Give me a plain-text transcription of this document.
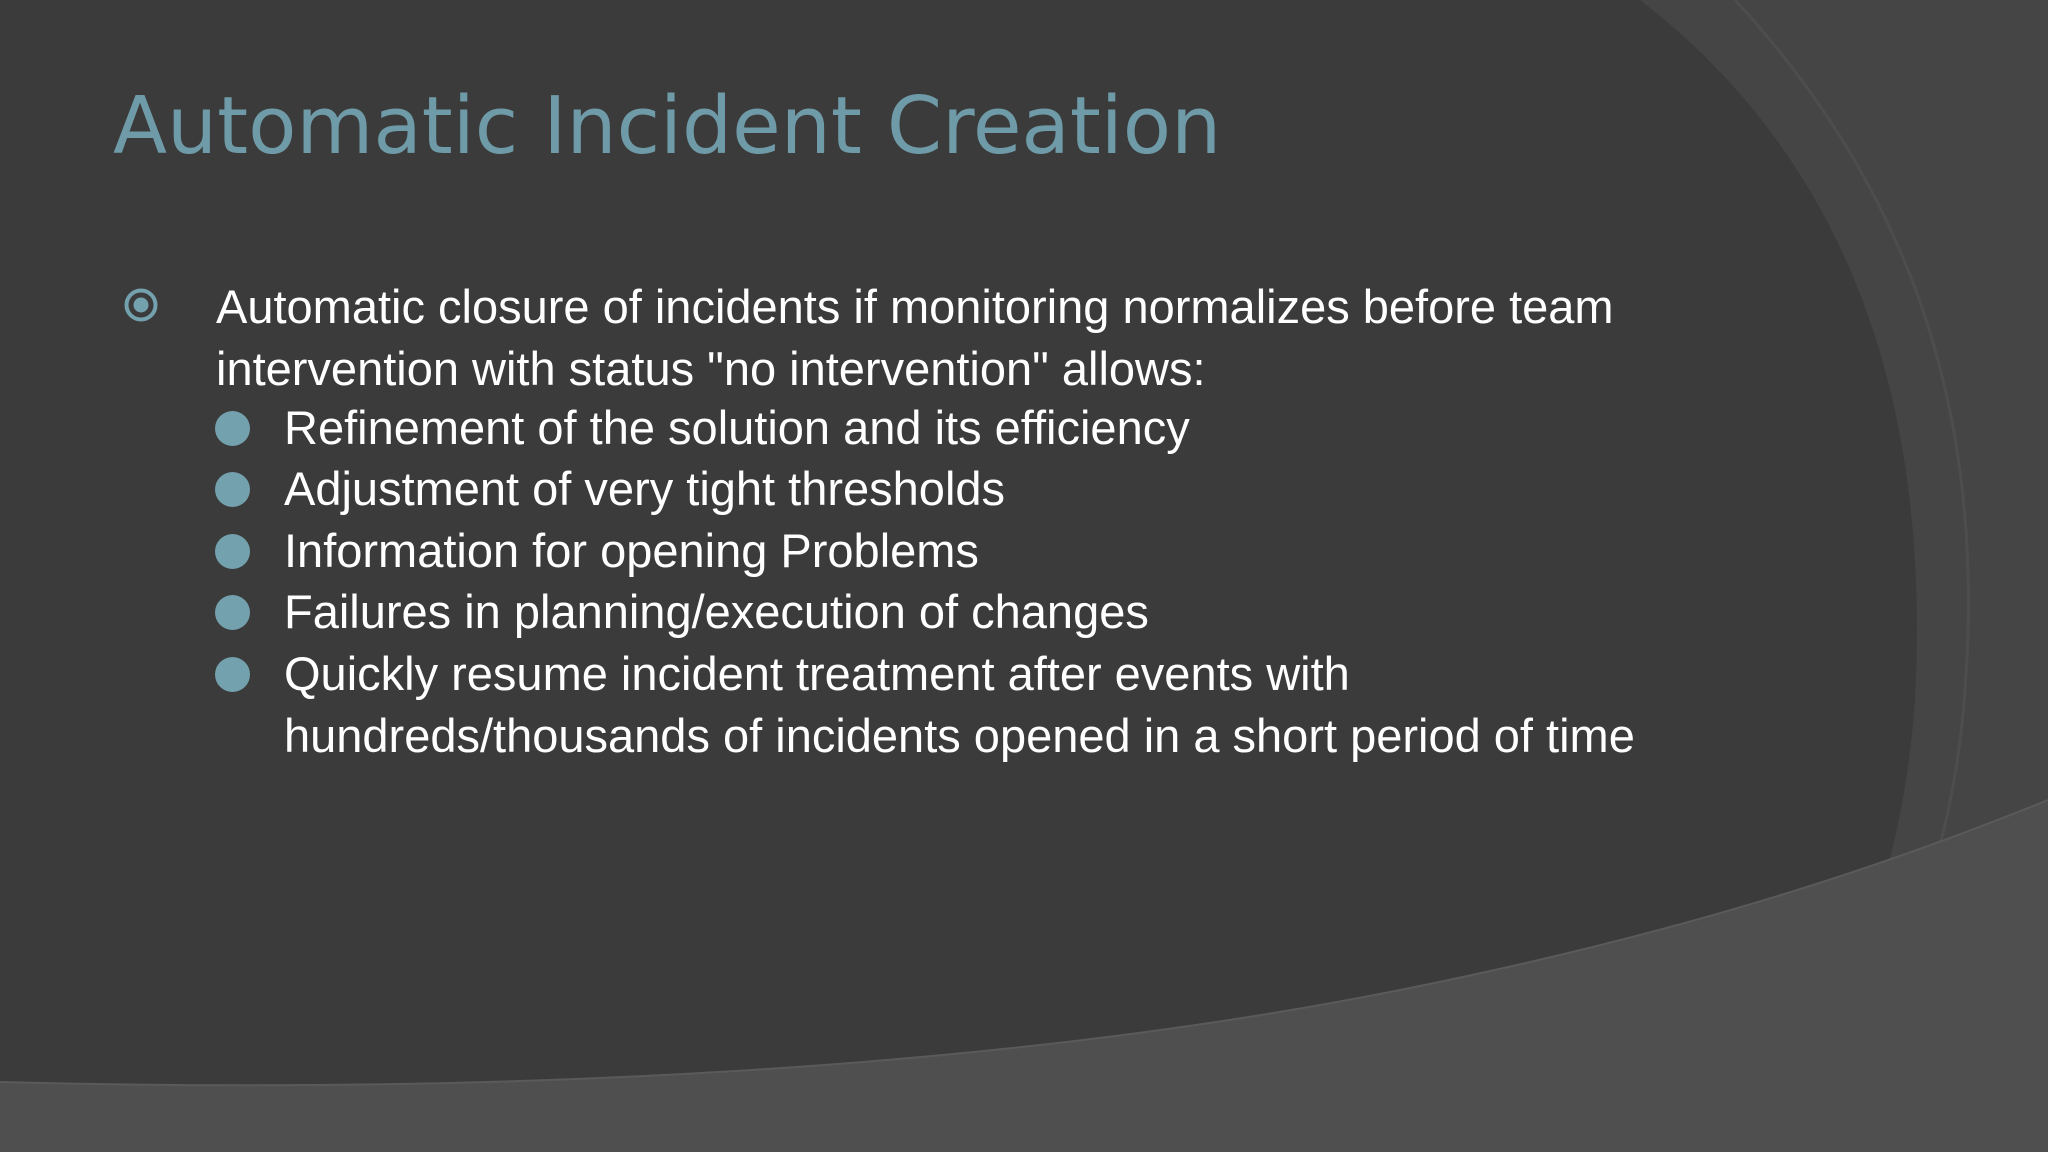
Automatic Incident Creation
Automatic closure of incidents if monitoring normalizes before team intervention with status "no intervention" allows:
Refinement of the solution and its efficiency
Adjustment of very tight thresholds
Information for opening Problems
Failures in planning/execution of changes
Quickly resume incident treatment after events with hundreds/thousands of incidents opened in a short period of time
